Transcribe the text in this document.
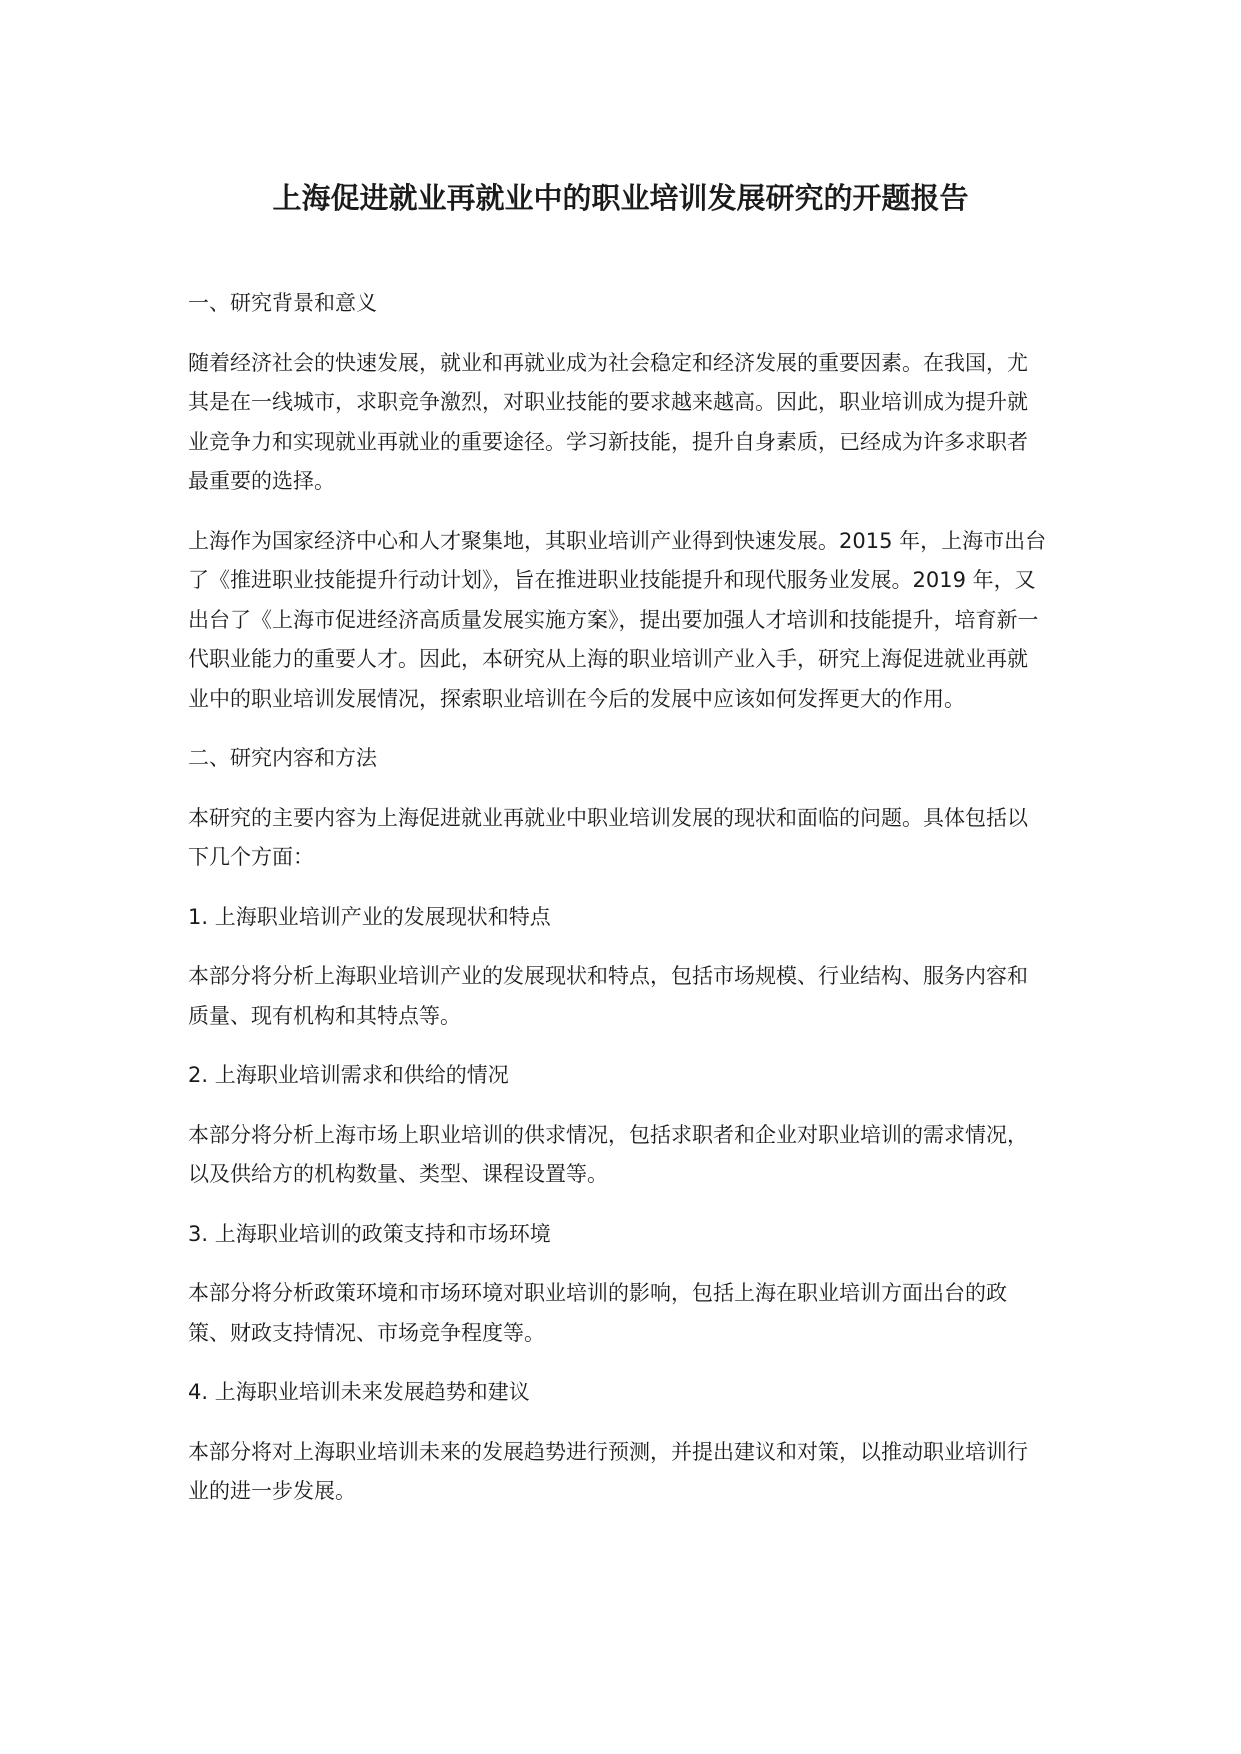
上海促进就业再就业中的职业培训发展研究的开题报告

一、研究背景和意义

随着经济社会的快速发展，就业和再就业成为社会稳定和经济发展的重要因素。在我国，尤其是在一线城市，求职竞争激烈，对职业技能的要求越来越高。因此，职业培训成为提升就业竞争力和实现就业再就业的重要途径。学习新技能，提升自身素质，已经成为许多求职者最重要的选择。

上海作为国家经济中心和人才聚集地，其职业培训产业得到快速发展。2015 年，上海市出台了《推进职业技能提升行动计划》，旨在推进职业技能提升和现代服务业发展。2019 年，又出台了《上海市促进经济高质量发展实施方案》，提出要加强人才培训和技能提升，培育新一代职业能力的重要人才。因此，本研究从上海的职业培训产业入手，研究上海促进就业再就业中的职业培训发展情况，探索职业培训在今后的发展中应该如何发挥更大的作用。

二、研究内容和方法

本研究的主要内容为上海促进就业再就业中职业培训发展的现状和面临的问题。具体包括以下几个方面：

1. 上海职业培训产业的发展现状和特点

本部分将分析上海职业培训产业的发展现状和特点，包括市场规模、行业结构、服务内容和质量、现有机构和其特点等。

2. 上海职业培训需求和供给的情况

本部分将分析上海市场上职业培训的供求情况，包括求职者和企业对职业培训的需求情况，以及供给方的机构数量、类型、课程设置等。

3. 上海职业培训的政策支持和市场环境

本部分将分析政策环境和市场环境对职业培训的影响，包括上海在职业培训方面出台的政策、财政支持情况、市场竞争程度等。

4. 上海职业培训未来发展趋势和建议

本部分将对上海职业培训未来的发展趋势进行预测，并提出建议和对策，以推动职业培训行业的进一步发展。
